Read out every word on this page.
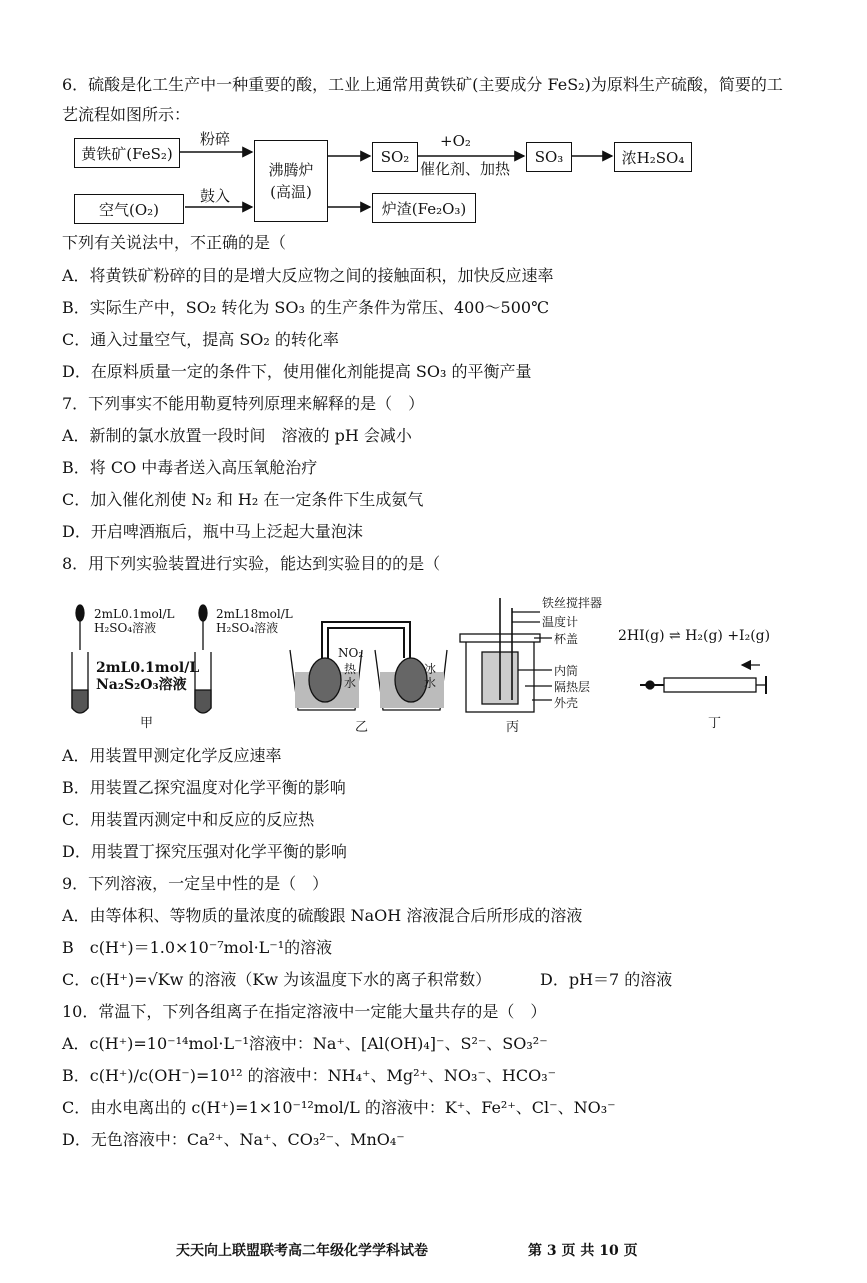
6．硫酸是化工生产中一种重要的酸，工业上通常用黄铁矿(主要成分 FeS₂)为原料生产硫酸，简要的工
艺流程如图所示：
黄铁矿(FeS₂)
空气(O₂)
沸腾炉
(高温)
SO₂	SO₃	浓H₂SO₄
炉渣(Fe₂O₃)
粉碎
鼓入
+O₂
催化剂、加热
下列有关说法中，不正确的是（
A．将黄铁矿粉碎的目的是增大反应物之间的接触面积，加快反应速率
B．实际生产中，SO₂ 转化为 SO₃ 的生产条件为常压、400～500℃
C．通入过量空气，提高 SO₂ 的转化率
D．在原料质量一定的条件下，使用催化剂能提高 SO₃ 的平衡产量
7．下列事实不能用勒夏特列原理来解释的是（　）
A．新制的氯水放置一段时间　溶液的 pH 会减小
B．将 CO 中毒者送入高压氧舱治疗
C．加入催化剂使 N₂ 和 H₂ 在一定条件下生成氨气
D．开启啤酒瓶后，瓶中马上泛起大量泡沫
8．用下列实验装置进行实验，能达到实验目的的是（
2mL0.1mol/L
H₂SO₄溶液
2mL18mol/L
H₂SO₄溶液
2mL0.1mol/L
Na₂S₂O₃溶液
甲
NO₂
热
水
冰
水
乙
铁丝搅拌器
温度计
杯盖
内筒
隔热层
外壳
丙
2HI(g) ⇌ H₂(g) +I₂(g)
丁
A．用装置甲测定化学反应速率
B．用装置乙探究温度对化学平衡的影响
C．用装置丙测定中和反应的反应热
D．用装置丁探究压强对化学平衡的影响
9．下列溶液，一定呈中性的是（　）
A．由等体积、等物质的量浓度的硫酸跟 NaOH 溶液混合后所形成的溶液
B　c(H⁺)＝1.0×10⁻⁷mol·L⁻¹的溶液
C．c(H⁺)=√Kw 的溶液（Kw 为该温度下水的离子积常数）	D．pH＝7 的溶液
10．常温下，下列各组离子在指定溶液中一定能大量共存的是（　）
A．c(H⁺)=10⁻¹⁴mol·L⁻¹溶液中：Na⁺、[Al(OH)₄]⁻、S²⁻、SO₃²⁻
B．c(H⁺)/c(OH⁻)=10¹² 的溶液中：NH₄⁺、Mg²⁺、NO₃⁻、HCO₃⁻
C．由水电离出的 c(H⁺)=1×10⁻¹²mol/L 的溶液中：K⁺、Fe²⁺、Cl⁻、NO₃⁻
D．无色溶液中：Ca²⁺、Na⁺、CO₃²⁻、MnO₄⁻
天天向上联盟联考高二年级化学学科试卷	第 3 页 共 10 页
